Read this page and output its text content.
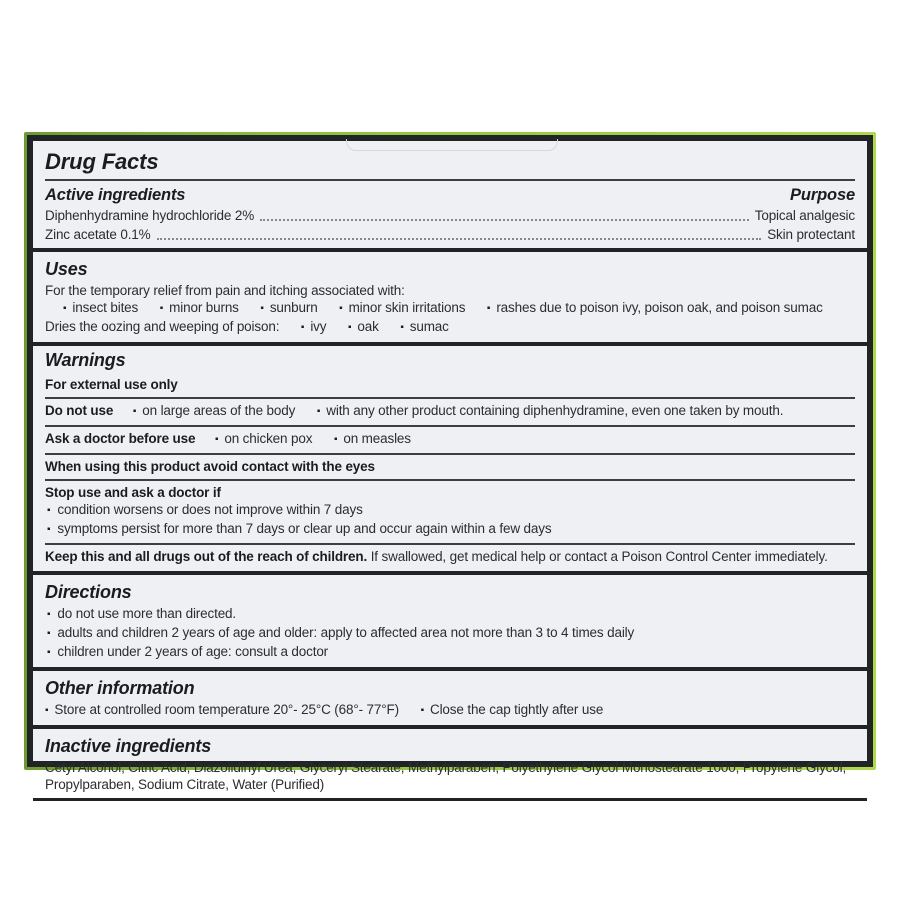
Drug Facts
Active ingredients	Purpose
Diphenhydramine hydrochloride 2%	Topical analgesic
Zinc acetate 0.1%	Skin protectant
Uses
For the temporary relief from pain and itching associated with:
▪ insect bites ▪ minor burns ▪ sunburn ▪ minor skin irritations ▪ rashes due to poison ivy, poison oak, and poison sumac
Dries the oozing and weeping of poison: ▪ ivy ▪ oak ▪ sumac
Warnings
For external use only
Do not use ▪ on large areas of the body ▪ with any other product containing diphenhydramine, even one taken by mouth.
Ask a doctor before use ▪ on chicken pox ▪ on measles
When using this product avoid contact with the eyes
Stop use and ask a doctor if
▪ condition worsens or does not improve within 7 days
▪ symptoms persist for more than 7 days or clear up and occur again within a few days
Keep this and all drugs out of the reach of children. If swallowed, get medical help or contact a Poison Control Center immediately.
Directions
▪ do not use more than directed.
▪ adults and children 2 years of age and older: apply to affected area not more than 3 to 4 times daily
▪ children under 2 years of age: consult a doctor
Other information
▪ Store at controlled room temperature 20°- 25°C (68°- 77°F) ▪ Close the cap tightly after use
Inactive ingredients
Cetyl Alcohol, Citric Acid, Diazolidinyl Urea, Glyceryl Stearate, Methylparaben, Polyethylene Glycol Monostearate 1000, Propylene Glycol, Propylparaben, Sodium Citrate, Water (Purified)
